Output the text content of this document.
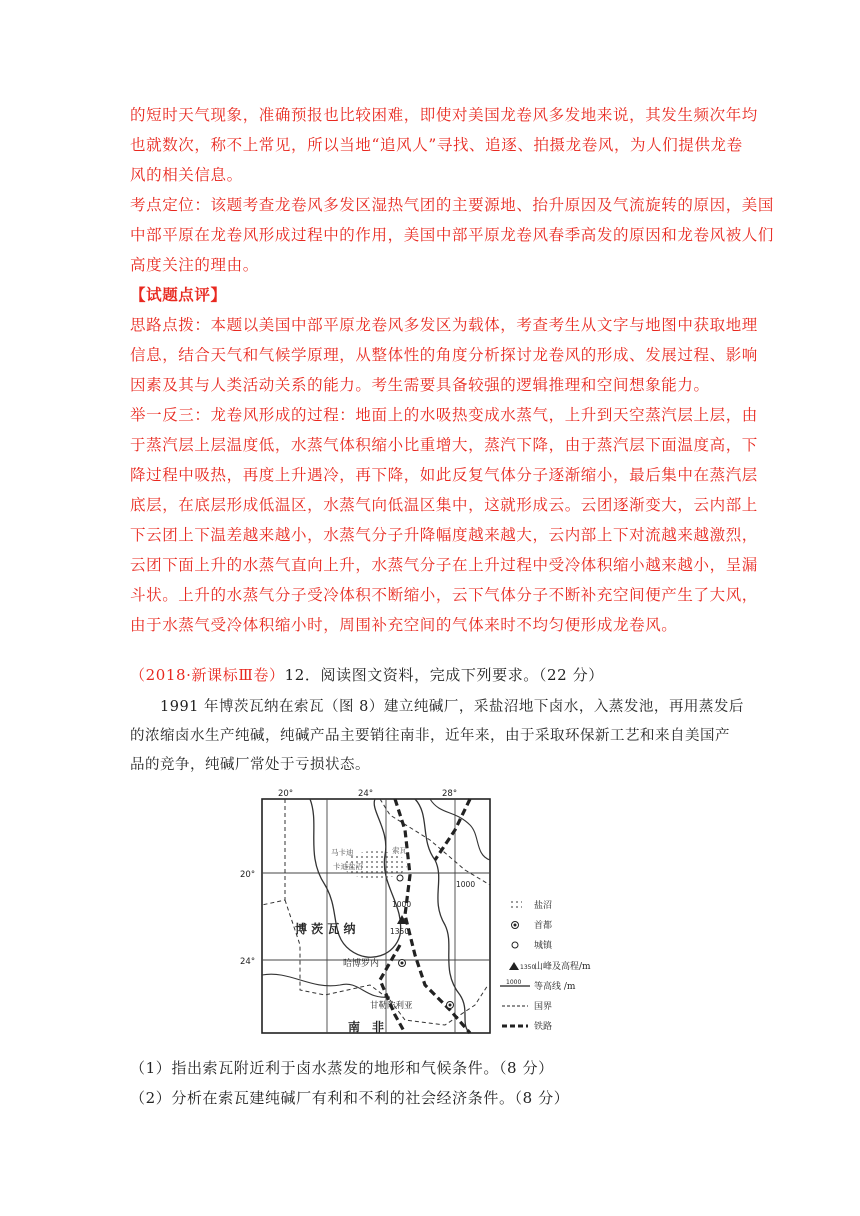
的短时天气现象，准确预报也比较困难，即使对美国龙卷风多发地来说，其发生频次年均
也就数次，称不上常见，所以当地“追风人”寻找、追逐、拍摄龙卷风，为人们提供龙卷
风的相关信息。
考点定位：该题考查龙卷风多发区湿热气团的主要源地、抬升原因及气流旋转的原因，美国
中部平原在龙卷风形成过程中的作用，美国中部平原龙卷风春季高发的原因和龙卷风被人们
高度关注的理由。
【试题点评】
思路点拨：本题以美国中部平原龙卷风多发区为载体，考查考生从文字与地图中获取地理
信息，结合天气和气候学原理，从整体性的角度分析探讨龙卷风的形成、发展过程、影响
因素及其与人类活动关系的能力。考生需要具备较强的逻辑推理和空间想象能力。
举一反三：龙卷风形成的过程：地面上的水吸热变成水蒸气，上升到天空蒸汽层上层，由
于蒸汽层上层温度低，水蒸气体积缩小比重增大，蒸汽下降，由于蒸汽层下面温度高，下
降过程中吸热，再度上升遇冷，再下降，如此反复气体分子逐渐缩小，最后集中在蒸汽层
底层，在底层形成低温区，水蒸气向低温区集中，这就形成云。云团逐渐变大，云内部上
下云团上下温差越来越小，水蒸气分子升降幅度越来越大，云内部上下对流越来越激烈，
云团下面上升的水蒸气直向上升，水蒸气分子在上升过程中受冷体积缩小越来越小，呈漏
斗状。上升的水蒸气分子受冷体积不断缩小，云下气体分子不断补充空间便产生了大风，
由于水蒸气受冷体积缩小时，周围补充空间的气体来时不均匀便形成龙卷风。
（2018·新课标Ⅲ卷）12．阅读图文资料，完成下列要求。（22 分）
1991 年博茨瓦纳在索瓦（图 8）建立纯碱厂，采盐沼地下卤水，入蒸发池，再用蒸发后
的浓缩卤水生产纯碱，纯碱产品主要销往南非，近年来，由于采取环保新工艺和来自美国产
品的竞争，纯碱厂常处于亏损状态。
20°	24°	28°
20°
24°
马卡迪
卡迪盐沼
索瓦
博 茨 瓦 纳	1350
1000
1000
哈博罗内
甘勒陀利亚
南　非
盐沼
首都
城镇
1350
山峰及高程/m
1000 等高线 /m
国界
铁路
（1）指出索瓦附近利于卤水蒸发的地形和气候条件。（8 分）
（2）分析在索瓦建纯碱厂有利和不利的社会经济条件。（8 分）
